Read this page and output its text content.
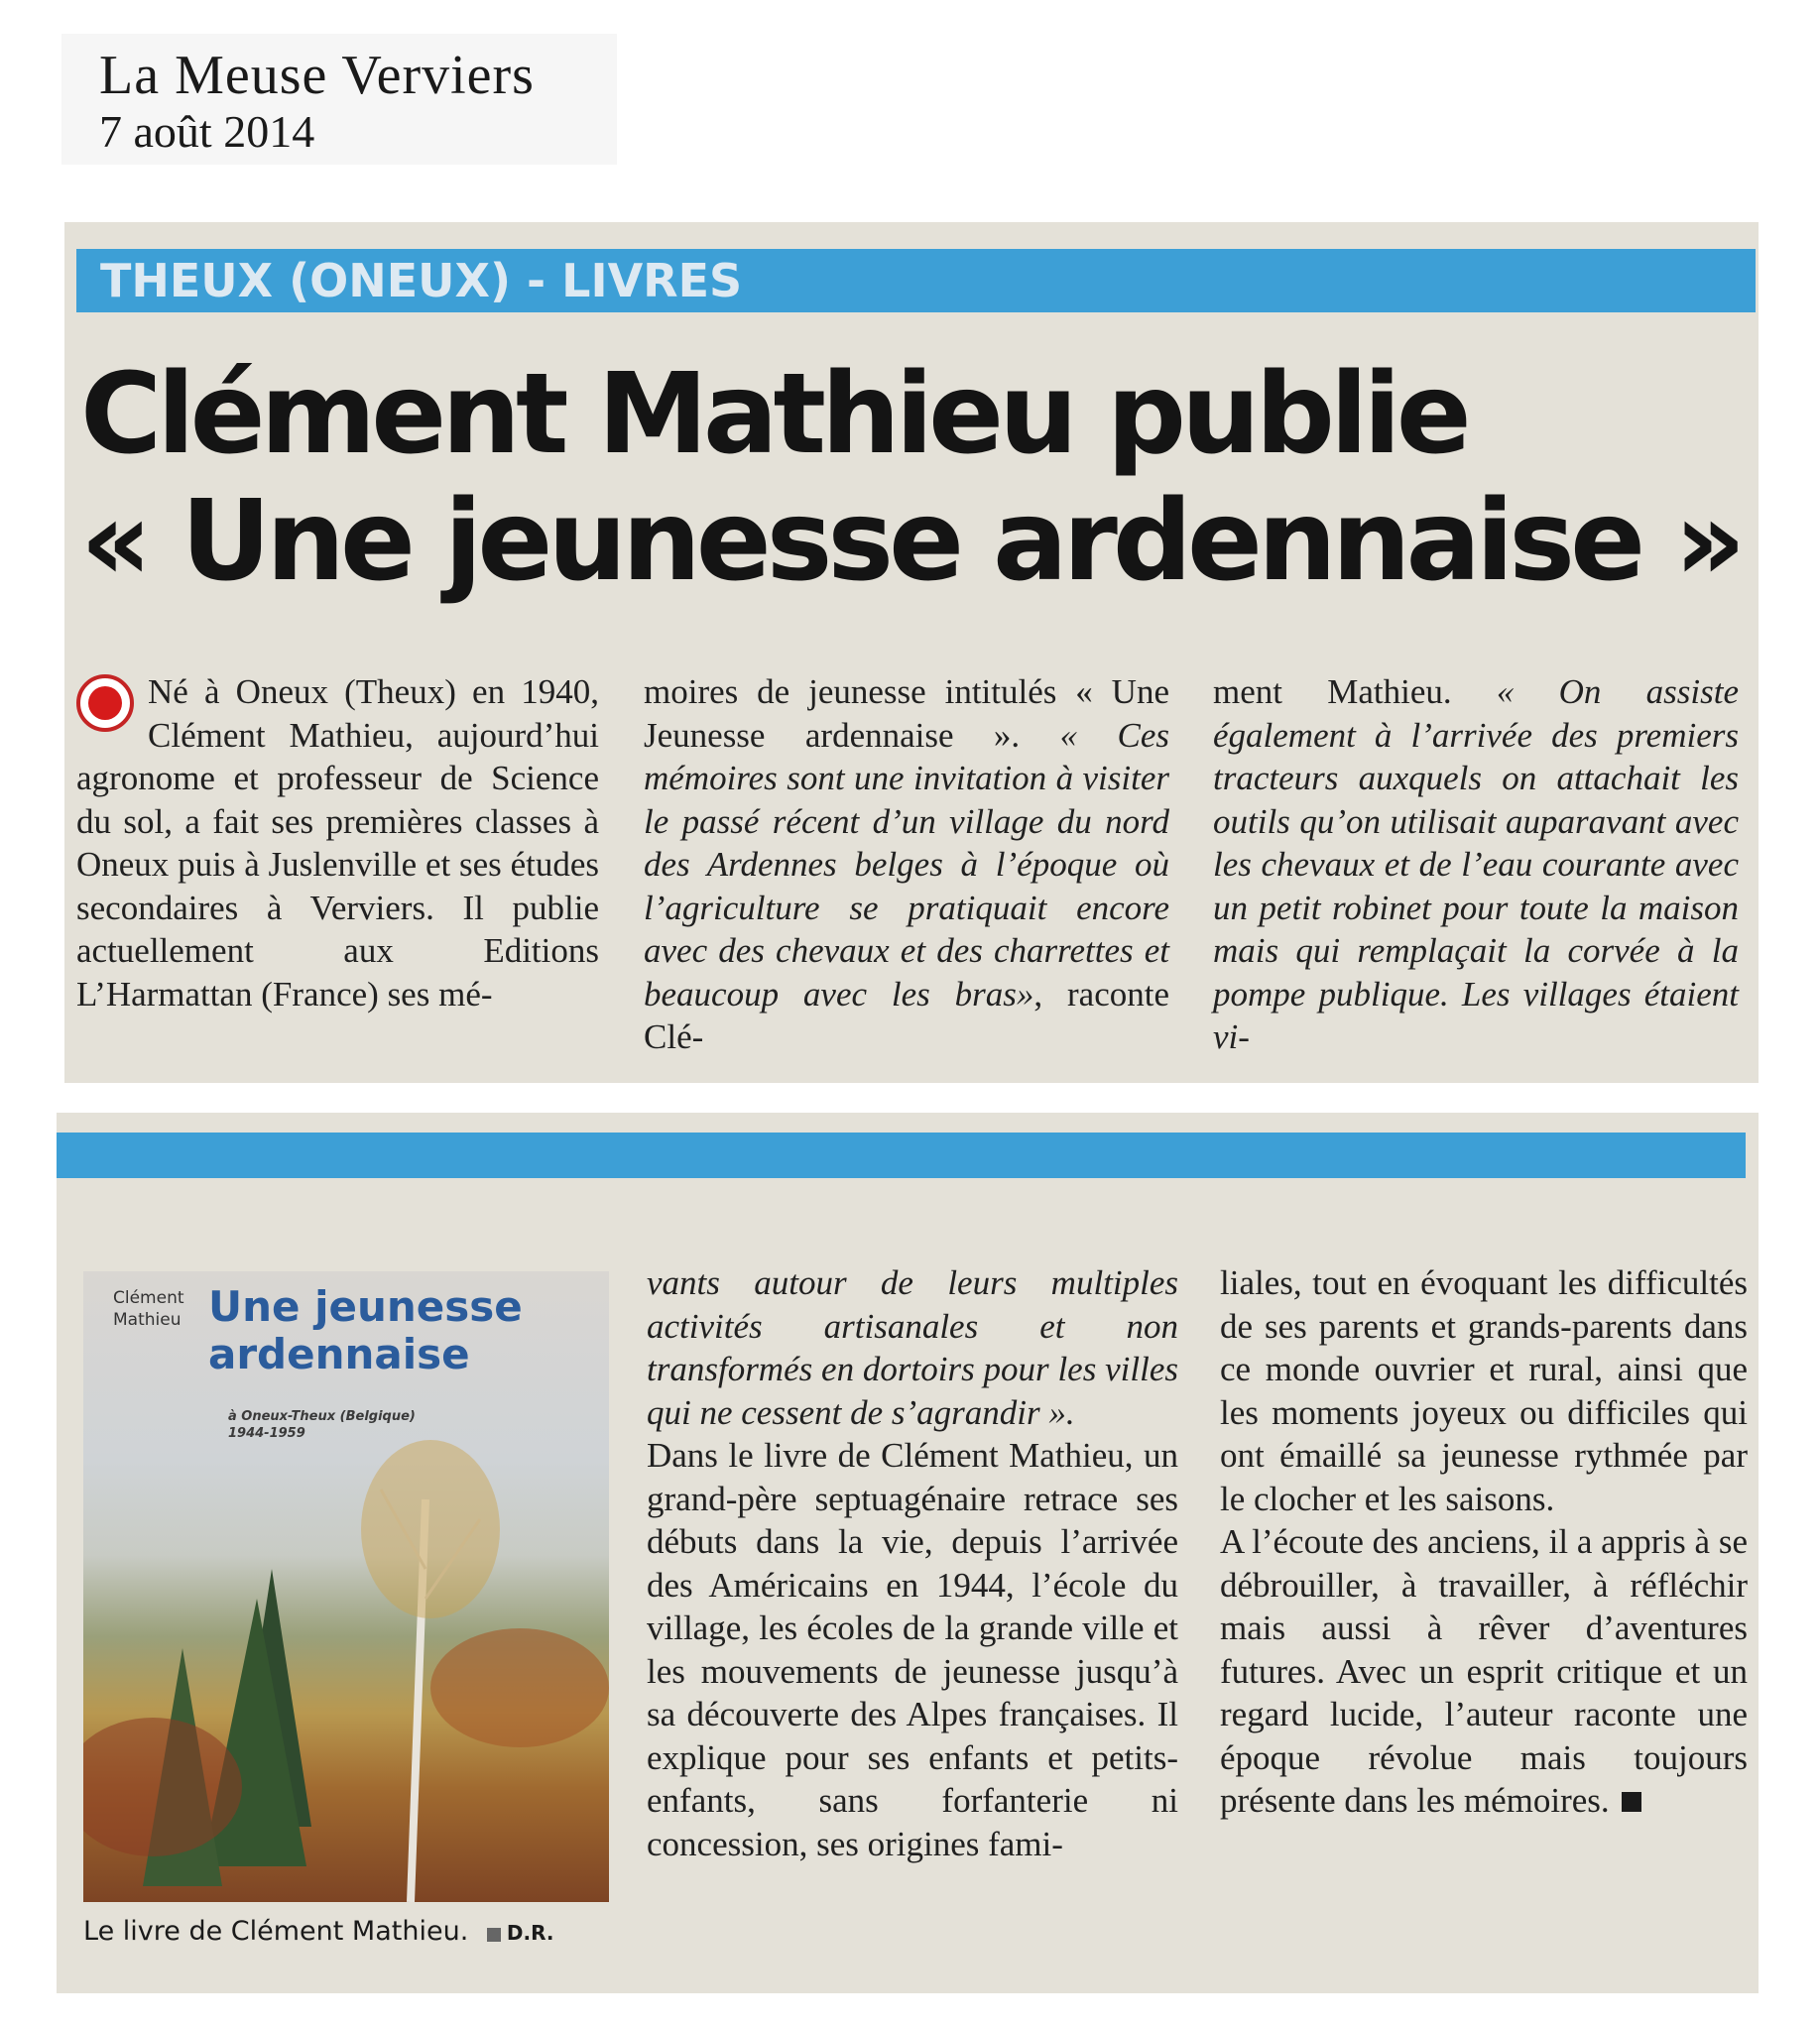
La Meuse Verviers
7 août 2014
THEUX (ONEUX) - LIVRES
Clément Mathieu publie
« Une jeunesse ardennaise »
Né à Oneux (Theux) en 1940, Clément Mathieu, aujourd’hui agronome et professeur de Science du sol, a fait ses premières classes à Oneux puis à Juslenville et ses études secondaires à Verviers. Il publie actuellement aux Editions L’Harmattan (France) ses mé-
moires de jeunesse intitulés « Une Jeunesse ardennaise ». « Ces mémoires sont une invitation à visiter le passé récent d’un village du nord des Ardennes belges à l’époque où l’agriculture se pratiquait encore avec des chevaux et des charrettes et beaucoup avec les bras», raconte Clé-
ment Mathieu. « On assiste également à l’arrivée des premiers tracteurs auxquels on attachait les outils qu’on utilisait auparavant avec les chevaux et de l’eau courante avec un petit robinet pour toute la maison mais qui remplaçait la corvée à la pompe publique. Les villages étaient vi-
Clément
Mathieu Une jeunesse
ardennaise
à Oneux-Theux (Belgique)
1944-1959
Le livre de Clément Mathieu. D.R.
vants autour de leurs multiples activités artisanales et non transformés en dortoirs pour les villes qui ne cessent de s’agrandir ».
Dans le livre de Clément Mathieu, un grand-père septuagénaire retrace ses débuts dans la vie, depuis l’arrivée des Américains en 1944, l’école du village, les écoles de la grande ville et les mouvements de jeunesse jusqu’à sa découverte des Alpes françaises. Il explique pour ses enfants et petits-enfants, sans forfanterie ni concession, ses origines fami-
liales, tout en évoquant les difficultés de ses parents et grands-parents dans ce monde ouvrier et rural, ainsi que les moments joyeux ou difficiles qui ont émaillé sa jeunesse rythmée par le clocher et les saisons.
A l’écoute des anciens, il a appris à se débrouiller, à travailler, à réfléchir mais aussi à rêver d’aventures futures. Avec un esprit critique et un regard lucide, l’auteur raconte une époque révolue mais toujours présente dans les mémoires.
